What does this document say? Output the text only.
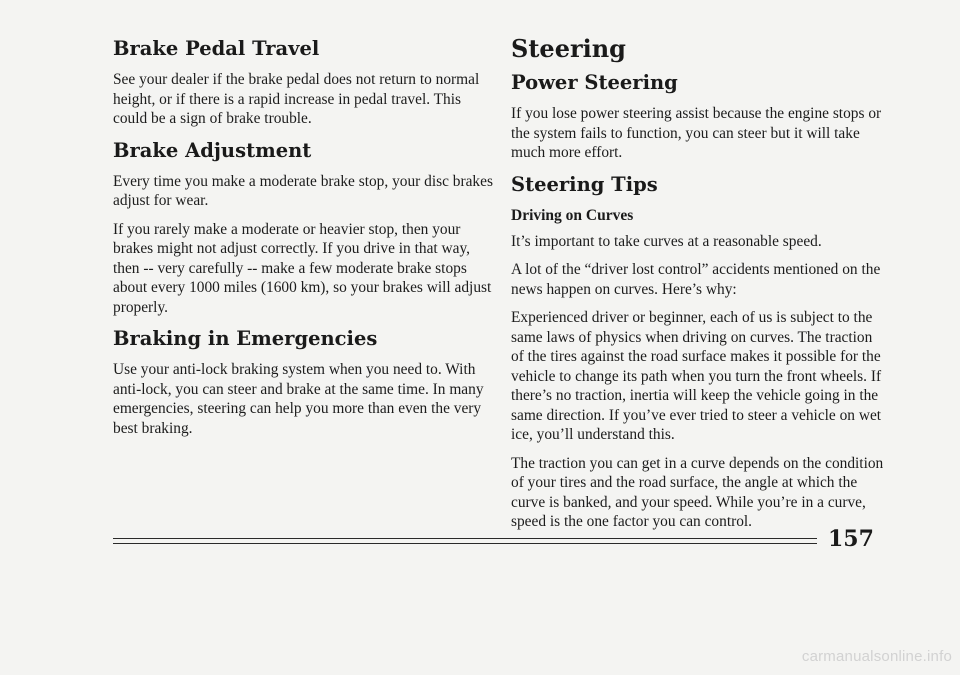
Brake Pedal Travel

See your dealer if the brake pedal does not return to normal height, or if there is a rapid increase in pedal travel. This could be a sign of brake trouble.

Brake Adjustment

Every time you make a moderate brake stop, your disc brakes adjust for wear.

If you rarely make a moderate or heavier stop, then your brakes might not adjust correctly. If you drive in that way, then -- very carefully -- make a few moderate brake stops about every 1000 miles (1600 km), so your brakes will adjust properly.

Braking in Emergencies

Use your anti-lock braking system when you need to. With anti-lock, you can steer and brake at the same time. In many emergencies, steering can help you more than even the very best braking.

Steering
Power Steering

If you lose power steering assist because the engine stops or the system fails to function, you can steer but it will take much more effort.

Steering Tips
Driving on Curves

It’s important to take curves at a reasonable speed.

A lot of the “driver lost control” accidents mentioned on the news happen on curves. Here’s why:

Experienced driver or beginner, each of us is subject to the same laws of physics when driving on curves. The traction of the tires against the road surface makes it possible for the vehicle to change its path when you turn the front wheels. If there’s no traction, inertia will keep the vehicle going in the same direction. If you’ve ever tried to steer a vehicle on wet ice, you’ll understand this.

The traction you can get in a curve depends on the condition of your tires and the road surface, the angle at which the curve is banked, and your speed. While you’re in a curve, speed is the one factor you can control.

157
carmanualsonline.info
